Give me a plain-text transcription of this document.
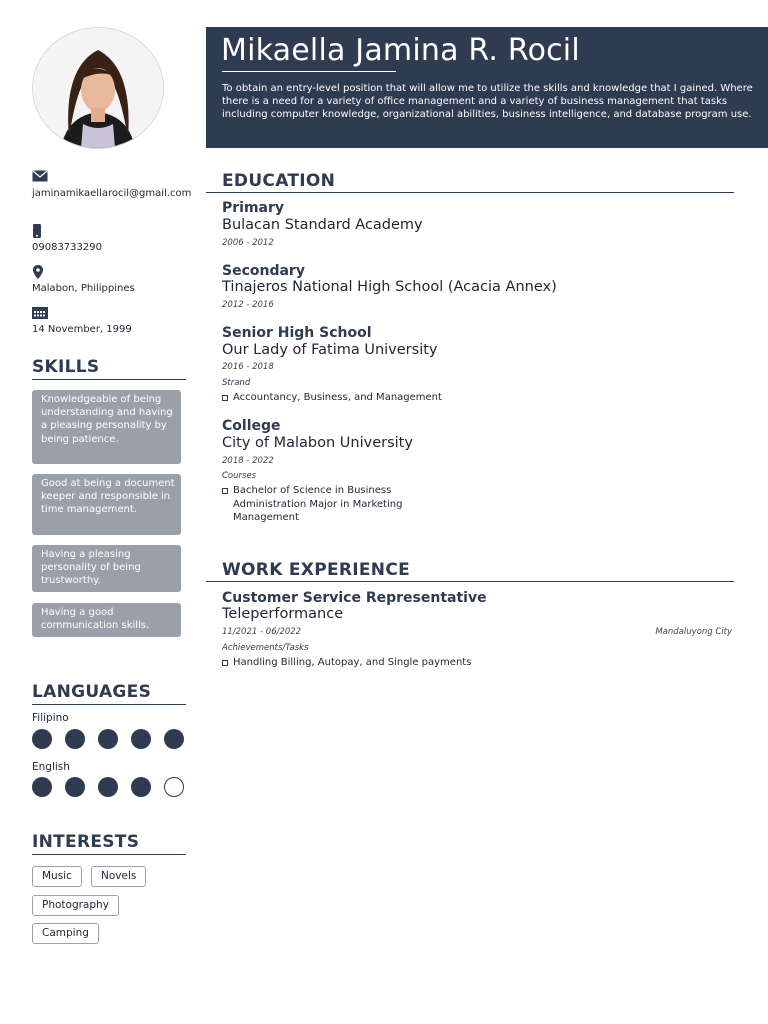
jaminamikaellarocil@gmail.com
09083733290
Malabon, Philippines
14 November, 1999
SKILLS
Knowledgeable of being understanding and having a pleasing personality by being patience.
Good at being a document keeper and responsible in time management.
Having a pleasing personality of being trustworthy.
Having a good communication skills.
LANGUAGES
Filipino
English
INTERESTS
Music	Novels
Photography
Camping
Mikaella Jamina R. Rocil
To obtain an entry-level position that will allow me to utilize the skills and knowledge that I gained. Where there is a need for a variety of office management and a variety of business management that tasks including computer knowledge, organizational abilities, business intelligence, and database program use.
EDUCATION
Primary
Bulacan Standard Academy
2006 - 2012
Secondary
Tinajeros National High School (Acacia Annex)
2012 - 2016
Senior High School
Our Lady of Fatima University
2016 - 2018
Strand
Accountancy, Business, and Management
College
City of Malabon University
2018 - 2022
Courses
Bachelor of Science in Business Administration Major in Marketing Management
WORK EXPERIENCE
Customer Service Representative
Teleperformance
11/2021 - 06/2022	Mandaluyong City
Achievements/Tasks
Handling Billing, Autopay, and Single payments
